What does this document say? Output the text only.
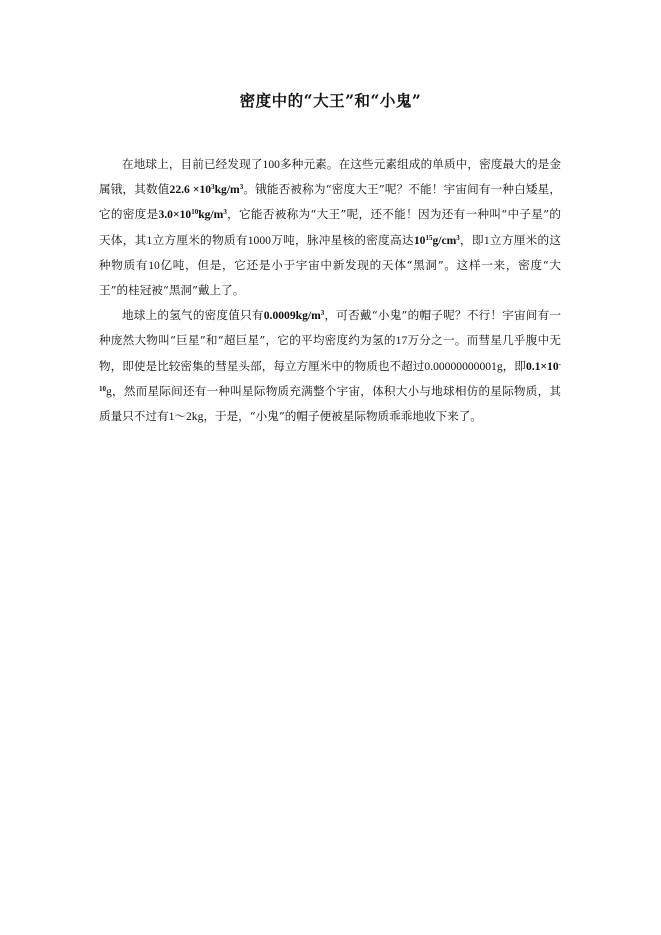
密度中的“大王”和“小鬼”

在地球上，目前已经发现了100多种元素。在这些元素组成的单质中，密度最大的是金属锇，其数值$22.6 \times 10^3kg/m^3$。锇能否被称为“密度大王”呢？不能！宇宙间有一种白矮星，它的密度是$3.0\times 10^{10}kg/m^3$，它能否被称为“大王”呢，还不能！因为还有一种叫“中子星”的天体，其1立方厘米的物质有1000万吨，脉冲星核的密度高达$10^{15}g/cm^3$，即1立方厘米的这种物质有10亿吨，但是，它还是小于宇宙中新发现的天体“黑洞”。这样一来，密度“大王”的桂冠被“黑洞”戴上了。

地球上的氢气的密度值只有$0.0009kg/m^3$，可否戴“小鬼”的帽子呢？不行！宇宙间有一种庞然大物叫“巨星”和“超巨星”，它的平均密度约为氢的17万分之一。而彗星几乎腹中无物，即使是比较密集的彗星头部，每立方厘米中的物质也不超过0.00000000001g，即$0.1\times 10^{-10}g$，然而星际间还有一种叫星际物质充满整个宇宙，体积大小与地球相仿的星际物质，其质量只不过有1～2kg，于是，“小鬼”的帽子便被星际物质乖乖地收下来了。
